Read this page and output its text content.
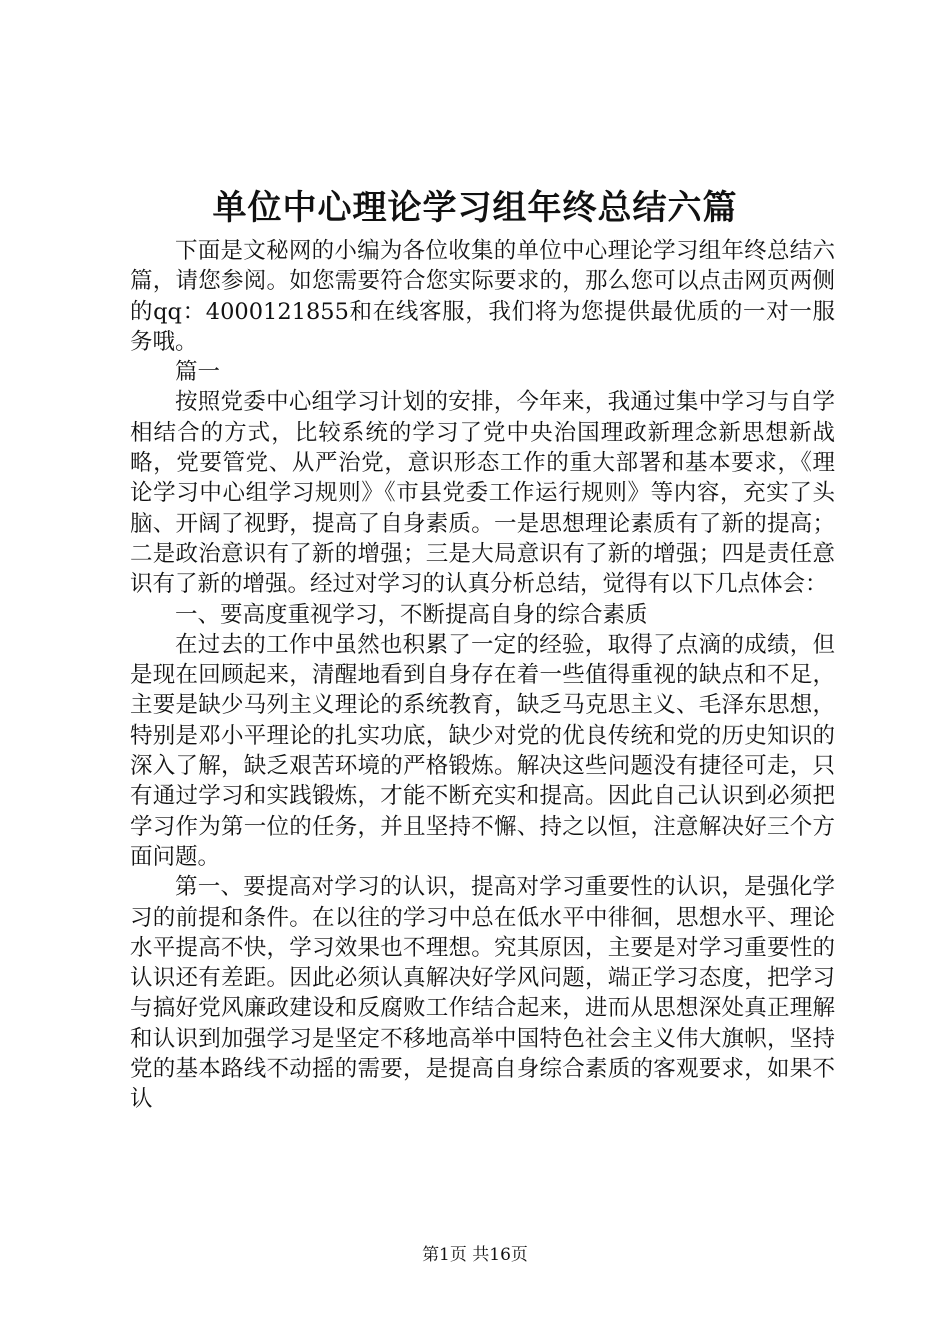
单位中心理论学习组年终总结六篇

下面是文秘网的小编为各位收集的单位中心理论学习组年终总结六篇，请您参阅。如您需要符合您实际要求的，那么您可以点击网页两侧的qq：4000121855和在线客服，我们将为您提供最优质的一对一服务哦。

篇一

按照党委中心组学习计划的安排，今年来，我通过集中学习与自学相结合的方式，比较系统的学习了党中央治国理政新理念新思想新战略，党要管党、从严治党，意识形态工作的重大部署和基本要求，《理论学习中心组学习规则》《市县党委工作运行规则》等内容，充实了头脑、开阔了视野，提高了自身素质。一是思想理论素质有了新的提高；二是政治意识有了新的增强；三是大局意识有了新的增强；四是责任意识有了新的增强。经过对学习的认真分析总结，觉得有以下几点体会：

一、要高度重视学习，不断提高自身的综合素质

在过去的工作中虽然也积累了一定的经验，取得了点滴的成绩，但是现在回顾起来，清醒地看到自身存在着一些值得重视的缺点和不足，主要是缺少马列主义理论的系统教育，缺乏马克思主义、毛泽东思想，特别是邓小平理论的扎实功底，缺少对党的优良传统和党的历史知识的深入了解，缺乏艰苦环境的严格锻炼。解决这些问题没有捷径可走，只有通过学习和实践锻炼，才能不断充实和提高。因此自己认识到必须把学习作为第一位的任务，并且坚持不懈、持之以恒，注意解决好三个方面问题。

第一、要提高对学习的认识，提高对学习重要性的认识，是强化学习的前提和条件。在以往的学习中总在低水平中徘徊，思想水平、理论水平提高不快，学习效果也不理想。究其原因，主要是对学习重要性的认识还有差距。因此必须认真解决好学风问题，端正学习态度，把学习与搞好党风廉政建设和反腐败工作结合起来，进而从思想深处真正理解和认识到加强学习是坚定不移地高举中国特色社会主义伟大旗帜，坚持党的基本路线不动摇的需要，是提高自身综合素质的客观要求，如果不认

第1页 共16页
